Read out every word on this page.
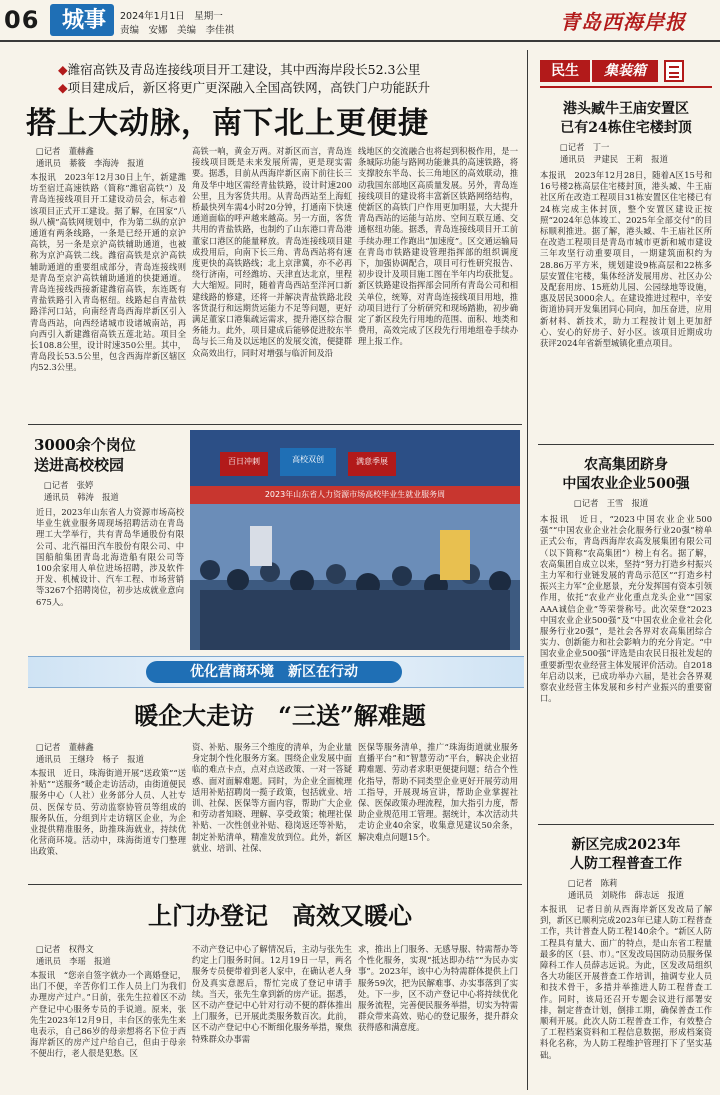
06	城事	2024年1月1日　星期一
责编　安娜　美编　李佳祺	青岛西海岸报
◆潍宿高铁及青岛连接线项目开工建设，其中西海岸段长52.3公里
◆项目建成后，新区将更广更深融入全国高铁网，高铁门户功能跃升
搭上大动脉，南下北上更便捷
□记者　董赫鑫
通讯员　綦筱　李海涛　报道
本报讯　2023年12月30日上午，新建潍坊至宿迁高速铁路（简称“潍宿高铁”）及青岛连接线项目开工建设动员会，标志着该项目正式开工建设。据了解，在国家“八纵八横”高铁网规划中，作为第二纵的京沪通道有两条线路，一条是已经开通的京沪高铁，另一条是京沪高铁辅助通道，也被称为京沪高铁二线。潍宿高铁是京沪高铁辅助通道的重要组成部分，青岛连接线则是青岛至京沪高铁辅助通道的快捷通道。青岛连接线西接新建潍宿高铁，东连既有青盐铁路引入青岛枢纽。线路起自青盐铁路洋河口站，向南经青岛西海岸新区引入青岛西站，向西经诸城市设诸城南站，再向西引入新建潍宿高铁五莲北站。项目全长108.8公里，设计时速350公里。其中，青岛段长53.5公里，包含西海岸新区辖区内52.3公里。
高铁一响，黄金万两。对新区而言，青岛连接线项目既是未来发展所需，更是现实需要。据悉，目前从西海岸新区南下前往长三角及华中地区需经青盐铁路，设计时速200公里，且为客货共用。从青岛西站至上海虹桥最快列车需4小时20分钟，打通南下快速通道面临的呼声越来越高。另一方面，客货共用的青盐铁路，也制约了山东港口青岛港董家口港区的能量释放。青岛连接线项目建成投用后，向南下长三角、青岛西站将有速度更快的高铁路线；北上京津冀，亦不必再绕行济南，可经潍坊、天津直达北京，里程大大缩短。同时，随着青岛西站至洋河口新建线路的修建，还将一并解决青盐铁路北段客货混行和远期货运能力不足等问题，更好满足董家口港集疏运需求，提升港区综合服务能力。此外，项目建成后能够促进胶东半岛与长三角及以远地区的发展交流，便捷群众高效出行，同时对增强与临沂间及沿
线地区的交流融合也将起到积极作用，是一条城际功能与路网功能兼具的高速铁路，将支撑胶东半岛、长三角地区的高效联动，推动我国东部地区高质量发展。另外，青岛连接线项目的建设将丰富新区铁路网络结构，使新区的高铁门户作用更加明显，大大提升青岛西站的运能与站房、空间互联互通、交通枢纽功能。据悉，青岛连接线项目开工前手续办理工作跑出“加速度”。区交通运输局在青岛市铁路建设管理指挥部的组织调度下，加强协调配合，项目可行性研究报告、初步设计及项目施工图在半年内均获批复。新区铁路建设指挥部会同所有青岛公司和相关单位，统筹，对青岛连接线项目用地，推动项目进行了分析研究和现场踏勘，初步确定了新区段先行用地的范围、面积、地类和费用，高效完成了区段先行用地组卷手续办理上报工作。
3000余个岗位
送进高校校园
□记者　张婷
通讯员　韩涛　报道
近日，2023年山东省人力资源市场高校毕业生就业服务周现场招聘活动在青岛理工大学举行，共有青岛华通股份有限公司、北汽福田汽车股份有限公司、中国船舶集团青岛北海造船有限公司等100余家用人单位进场招聘，涉及软件开发、机械设计、汽车工程、市场营销等3267个招聘岗位，初步达成就业意向675人。
百日冲刺	高校双创	满意季展
2023年山东省人力资源市场高校毕业生就业服务周
优化营商环境　新区在行动
暖企大走访　“三送”解难题
□记者　董赫鑫
通讯员　王继玲　杨子　报道
本报讯　近日，珠海街道开展“送政策”“送补贴”“送服务”暖企走访活动，由街道便民服务中心（人社）业务部分人员、人社专员、医保专员、劳动监察协管员等组成的服务队伍，分组到片走访辖区企业，为企业提供精准服务，助推珠海就业，持续优化营商环境。活动中，珠海街道专门整理出政策、
资、补贴、服务三个维度的清单，为企业量身定制个性化服务方案。围绕企业发展中面临的难点卡点，点对点送政策、一对一答疑惑、面对面解难题。同时，为企业全面梳理适用补贴招聘岗一揽子政策，包括就业、培训、社保、医保等方面内容，帮助广大企业和劳动者知晓、理解、享受政策；梳理社保补贴、一次性创业补贴、稳岗返还等补贴，制定补贴清单，精准发放到位。此外，新区就业、培训、社保、
医保等服务清单，推广“珠海街道就业服务直播平台”和“智慧劳动”平台，解决企业招聘难题、劳动者求职更便捷问题；结合个性化指导，帮助不同类型企业更好开展劳动用工指导，开展现场宣讲，帮助企业掌握社保、医保政策办理流程，加大指引力度，帮助企业规范用工管理。据统计，本次活动共走访企业40余家，收集意见建议50余条，解决难点问题15个。
上门办登记　高效又暖心
□记者　权得文
通讯员　李瑶　报道
本报讯　“您亲自签字就办一个离婚登记，出门不便，辛苦你们工作人员上门为我们办理房产过户。”日前，张先生拉着区不动产登记中心服务专员的手说道。原来，张先生2023年12月9日，丰台区的张先生来电表示，自己86岁的母亲想将名下位于西海岸新区的房产过户给自己，但由于母亲不便出行，老人很是犯愁。区
不动产登记中心了解情况后，主动与张先生约定上门服务时间。12月19日一早，两名服务专员便带着到老人家中，在确认老人身份及真实意愿后，帮忙完成了登记申请手续。当天，张先生拿到新的房产证。据悉，区不动产登记中心针对行动不便的群体推出上门服务，已开展此类服务数百次。此前，区不动产登记中心不断细化服务举措，聚焦特殊群众办事需
求，推出上门服务、无感导服、特需帮办等个性化服务，实现“抵达即办结”“为民办实事”。2023年，该中心为特需群体提供上门服务59次，把为民解难事、办实事落到了实处。下一步，区不动产登记中心将持续优化服务流程，完善便民服务举措，切实为特需群众带来高效、贴心的登记服务，提升群众获得感和满意度。
民生	集装箱
港头臧牛王庙安置区
已有24栋住宅楼封顶
□记者　丁一
通讯员　尹建民　王莉　报道
本报讯　2023年12月28日，随着A区15号和16号楼2栋高层住宅楼封顶，港头臧、牛王庙社区所在改造工程项目31栋安置区住宅楼已有24栋完成主体封顶，整个安置区建设正按照“2024年总体竣工、2025年全部交付”的目标顺利推进。据了解，港头臧、牛王庙社区所在改造工程项目是青岛市城市更新和城市建设三年攻坚行动重要项目，一期建筑面积约为28.86万平方米，规划建设9栋高层和22栋多层安置住宅楼，集体经济发展用房、社区办公及配套用房、15班幼儿园、公园绿地等设施，惠及居民3000余人。在建设推进过程中，辛安街道协同开发集团同心同向，加压奋进，应用新材料、新技术，助力工程按计划上更加舒心、安心的好房子、好小区。该项目近期成功获评2024年省新型城镇化重点项目。
农高集团跻身
中国农业企业500强
□记者　王雪　报道
本报讯　近日，“2023中国农业企业500强”“中国农业企业社会化服务行业20强”榜单正式公布，青岛西海岸农高发展集团有限公司（以下简称“农高集团”）榜上有名。据了解，农高集团自成立以来，坚持“努力打造乡村振兴主力军和行业链发展的青岛示范区”“打造乡村振兴主力军”企业愿景，充分发挥国有资本引领作用，依托“农业产业化重点龙头企业”“国家AAA诚信企业”等荣誉称号。此次荣登“2023中国农业企业500强”及“中国农业企业社会化服务行业20强”，是社会各界对农高集团综合实力、创新能力和社会影响力的充分肯定。“中国农业企业500强”评选是由农民日报社发起的重要新型农业经营主体发展评价活动。自2018年启动以来，已成功举办六届，是社会各界观察农业经营主体发展和乡村产业振兴的重要窗口。
新区完成2023年
人防工程普查工作
□记者　陈莉
通讯员　刘晓伟　薛志远　报道
本报讯　记者日前从西海岸新区发改局了解到，新区已顺利完成2023年已建人防工程普查工作，共计普查人防工程140余个。“新区人防工程具有量大、面广的特点，是山东省工程量最多的区（县、市）。”区发改局国防动员服务保障科工作人员薛志远说。为此，区发改局组织各大功能区开展普查工作培训，抽调专业人员和技术骨干，多措并举推进人防工程普查工作。同时，该局还召开专题会议进行部署安排，制定普查计划，倒排工期，确保普查工作顺利开展。此次人防工程普查工作，有效整合了工程档案资料和工程信息数据，形成档案资料化名称，为人防工程维护管理打下了坚实基础。
